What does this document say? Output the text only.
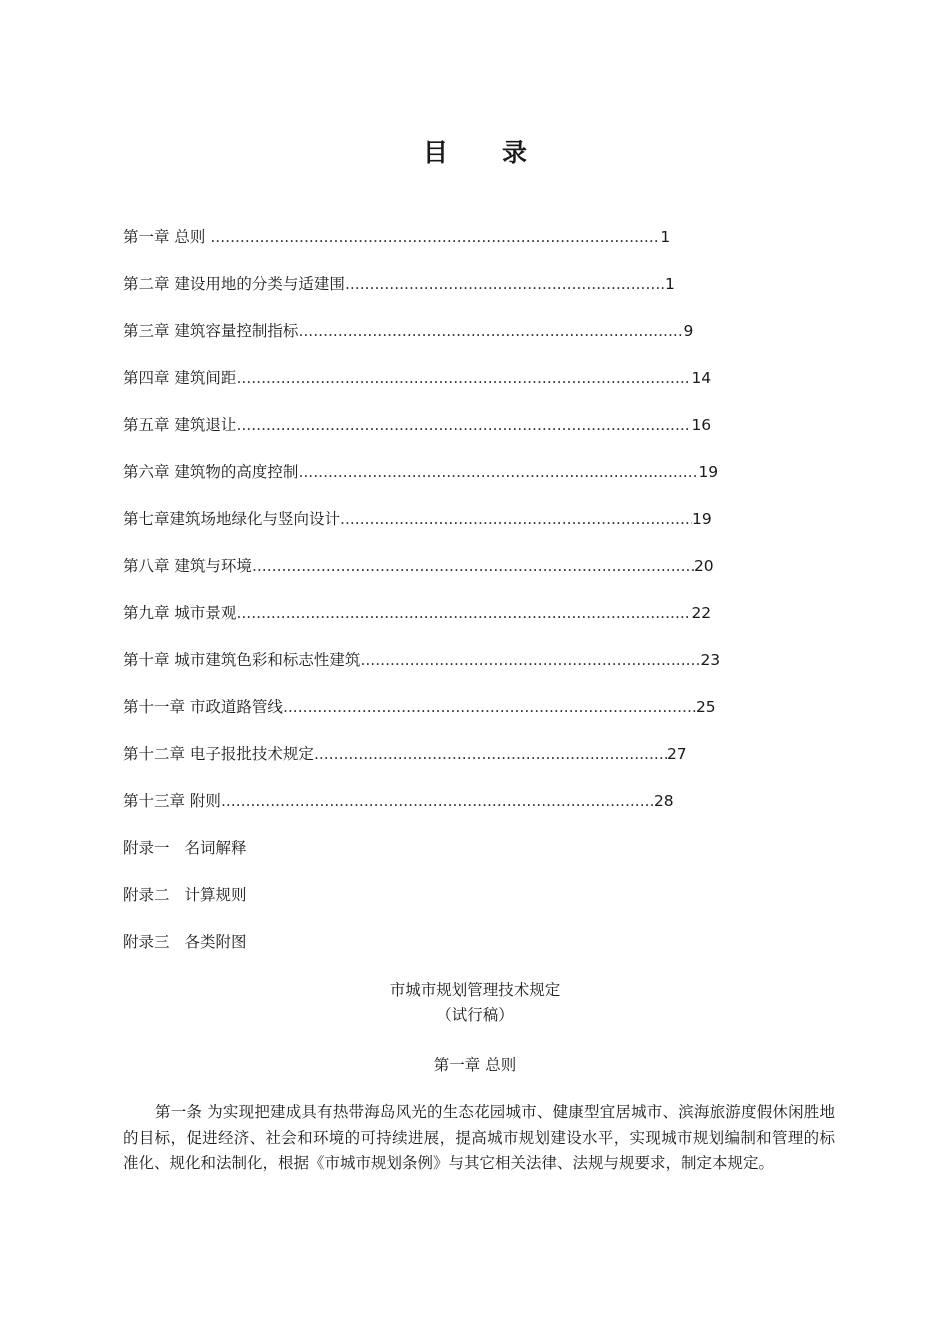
目 录
第一章 总则 .....	1
第二章 建设用地的分类与适建围 .....	1
第三章 建筑容量控制指标 .....	9
第四章 建筑间距 .....	14
第五章 建筑退让 .....	16
第六章 建筑物的高度控制 .....	19
第七章建筑场地绿化与竖向设计 .....	19
第八章 建筑与环境 .....	20
第九章 城市景观 .....	22
第十章 城市建筑色彩和标志性建筑 .....	23
第十一章 市政道路管线 .....	25
第十二章 电子报批技术规定 .....	27
第十三章 附则 .....	28
附录一 名词解释
附录二 计算规则
附录三 各类附图
市城市规划管理技术规定
（试行稿）
第一章 总则

第一条 为实现把建成具有热带海岛风光的生态花园城市、健康型宜居城市、滨海旅游度假休闲胜地的目标，促进经济、社会和环境的可持续进展，提高城市规划建设水平，实现城市规划编制和管理的标准化、规化和法制化，根据《市城市规划条例》与其它相关法律、法规与规要求，制定本规定。
